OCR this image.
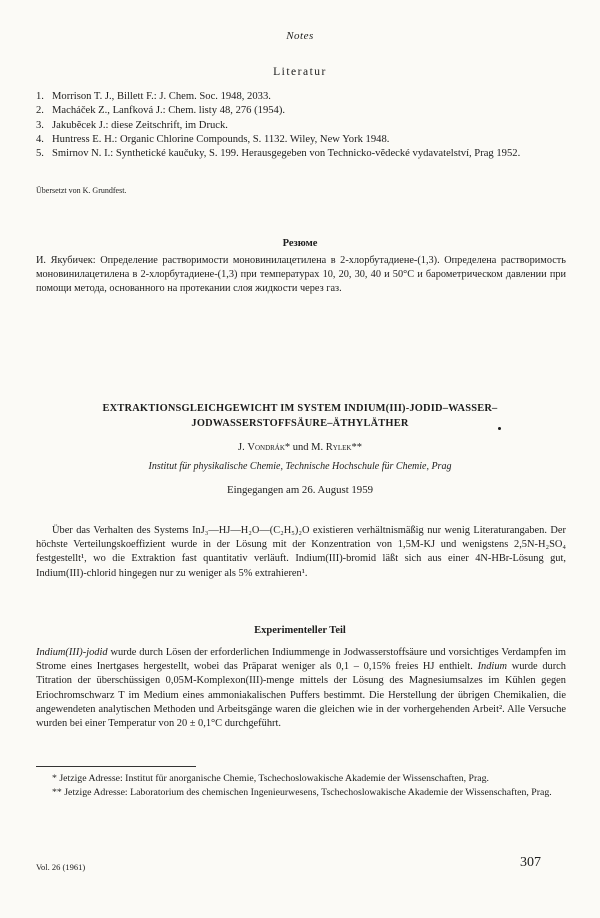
Notes
Literatur
1. Morrison T. J., Billett F.: J. Chem. Soc. 1948, 2033.
2. Macháček Z., Lanfková J.: Chem. listy 48, 276 (1954).
3. Jakubĕcek J.: diese Zeitschrift, im Druck.
4. Huntress E. H.: Organic Chlorine Compounds, S. 1132. Wiley, New York 1948.
5. Smirnov N. I.: Synthetické kaučuky, S. 199. Herausgegeben von Technicko-vĕdecké vydavatelství, Prag 1952.
Übersetzt von K. Grundfest.
Резюме
И. Якубичек: Определение растворимости моновинилацетилена в 2-хлорбутадиене-(1,3). Определена растворимость моновинилацетилена в 2-хлорбутадиене-(1,3) при температурах 10, 20, 30, 40 и 50°C и барометрическом давлении при помощи метода, основанного на протекании слоя жидкости через газ.
EXTRAKTIONSGLEICHGEWICHT IM SYSTEM INDIUM(III)-JODID–WASSER–
JODWASSERSTOFFSÄURE–ÄTHYLÄTHER
J. Vondrák* und M. Rylek**
Institut für physikalische Chemie, Technische Hochschule für Chemie, Prag
Eingegangen am 26. August 1959
Über das Verhalten des Systems InJ₃—HJ—H₂O—(C₂H₅)₂O existieren verhältnismäßig nur wenig Literaturangaben. Der höchste Verteilungskoeffizient wurde in der Lösung mit der Konzentration von 1,5M-KJ und wenigstens 2,5N-H₂SO₄ festgestellt¹, wo die Extraktion fast quantitativ verläuft. Indium(III)-bromid läßt sich aus einer 4N-HBr-Lösung gut, Indium(III)-chlorid hingegen nur zu weniger als 5% extrahieren¹.
Experimenteller Teil
Indium(III)-jodid wurde durch Lösen der erforderlichen Indiummenge in Jodwasserstoffsäure und vorsichtiges Verdampfen im Strome eines Inertgases hergestellt, wobei das Präparat weniger als 0,1 – 0,15% freies HJ enthielt. Indium wurde durch Titration der überschüssigen 0,05M-Komplexon(III)-menge mittels der Lösung des Magnesiumsalzes im Kühlen gegen Eriochromschwarz T im Medium eines ammoniakalischen Puffers bestimmt. Die Herstellung der übrigen Chemikalien, die angewendeten analytischen Methoden und Arbeitsgänge waren die gleichen wie in der vorhergehenden Arbeit². Alle Versuche wurden bei einer Temperatur von 20 ± 0,1°C durchgeführt.
* Jetzige Adresse: Institut für anorganische Chemie, Tschechoslowakische Akademie der Wissenschaften, Prag.
** Jetzige Adresse: Laboratorium des chemischen Ingenieurwesens, Tschechoslowakische Akademie der Wissenschaften, Prag.
Vol. 26 (1961)	307
